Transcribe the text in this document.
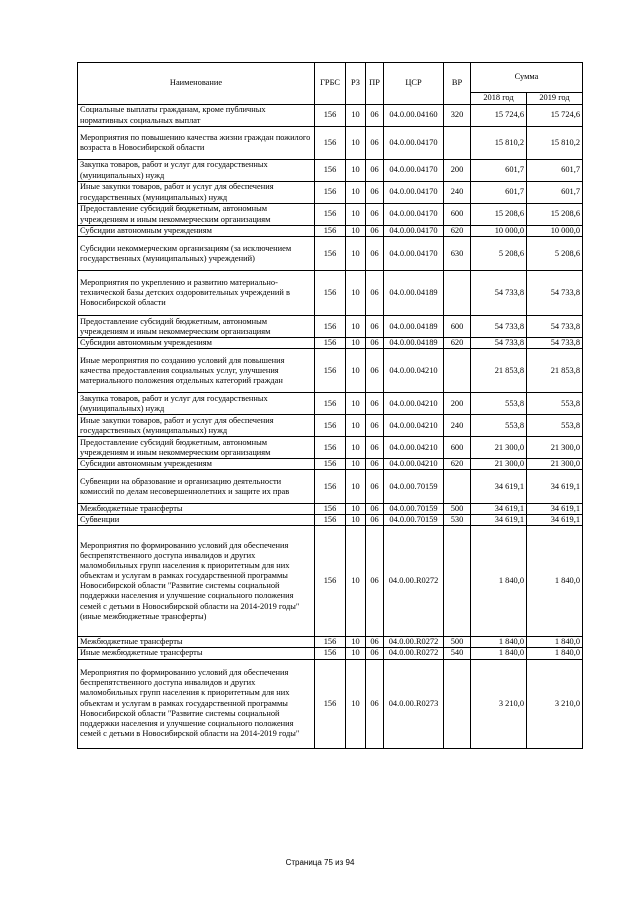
Наименование	ГРБС	РЗ	ПР	ЦСР	ВР	Сумма	
						2018 год	2019 год
Социальные выплаты гражданам, кроме публичных нормативных социальных выплат	156	10	06	04.0.00.04160	320	15 724,6	15 724,6
Мероприятия по повышению качества жизни граждан пожилого возраста в Новосибирской области	156	10	06	04.0.00.04170		15 810,2	15 810,2
Закупка товаров, работ и услуг для государственных (муниципальных) нужд	156	10	06	04.0.00.04170	200	601,7	601,7
Иные закупки товаров, работ и услуг для обеспечения государственных (муниципальных) нужд	156	10	06	04.0.00.04170	240	601,7	601,7
Предоставление субсидий бюджетным, автономным учреждениям и иным некоммерческим организациям	156	10	06	04.0.00.04170	600	15 208,6	15 208,6
Субсидии автономным учреждениям	156	10	06	04.0.00.04170	620	10 000,0	10 000,0
Субсидии некоммерческим организациям (за исключением государственных (муниципальных) учреждений)	156	10	06	04.0.00.04170	630	5 208,6	5 208,6
Мероприятия по укреплению и развитию материально-технической базы детских оздоровительных учреждений в Новосибирской области	156	10	06	04.0.00.04189		54 733,8	54 733,8
Предоставление субсидий бюджетным, автономным учреждениям и иным некоммерческим организациям	156	10	06	04.0.00.04189	600	54 733,8	54 733,8
Субсидии автономным учреждениям	156	10	06	04.0.00.04189	620	54 733,8	54 733,8
Иные мероприятия по созданию условий для повышения качества предоставления социальных услуг, улучшения материального положения отдельных категорий граждан	156	10	06	04.0.00.04210		21 853,8	21 853,8
Закупка товаров, работ и услуг для государственных (муниципальных) нужд	156	10	06	04.0.00.04210	200	553,8	553,8
Иные закупки товаров, работ и услуг для обеспечения государственных (муниципальных) нужд	156	10	06	04.0.00.04210	240	553,8	553,8
Предоставление субсидий бюджетным, автономным учреждениям и иным некоммерческим организациям	156	10	06	04.0.00.04210	600	21 300,0	21 300,0
Субсидии автономным учреждениям	156	10	06	04.0.00.04210	620	21 300,0	21 300,0
Субвенции на образование и организацию деятельности комиссий по делам несовершеннолетних и защите их прав	156	10	06	04.0.00.70159		34 619,1	34 619,1
Межбюджетные трансферты	156	10	06	04.0.00.70159	500	34 619,1	34 619,1
Субвенции	156	10	06	04.0.00.70159	530	34 619,1	34 619,1
Мероприятия по формированию условий для обеспечения беспрепятственного доступа инвалидов и других маломобильных групп населения к приоритетным для них объектам и услугам в рамках государственной программы Новосибирской области "Развитие системы социальной поддержки населения и улучшение социального положения семей с детьми в Новосибирской области на 2014-2019 годы" (иные межбюджетные трансферты)	156	10	06	04.0.00.R0272		1 840,0	1 840,0
Межбюджетные трансферты	156	10	06	04.0.00.R0272	500	1 840,0	1 840,0
Иные межбюджетные трансферты	156	10	06	04.0.00.R0272	540	1 840,0	1 840,0
Мероприятия по формированию условий для обеспечения беспрепятственного доступа инвалидов и других маломобильных групп населения к приоритетным для них объектам и услугам в рамках государственной программы Новосибирской области "Развитие системы социальной поддержки населения и улучшение социального положения семей с детьми в Новосибирской области на 2014-2019 годы"	156	10	06	04.0.00.R0273		3 210,0	3 210,0
Страница 75 из 94
